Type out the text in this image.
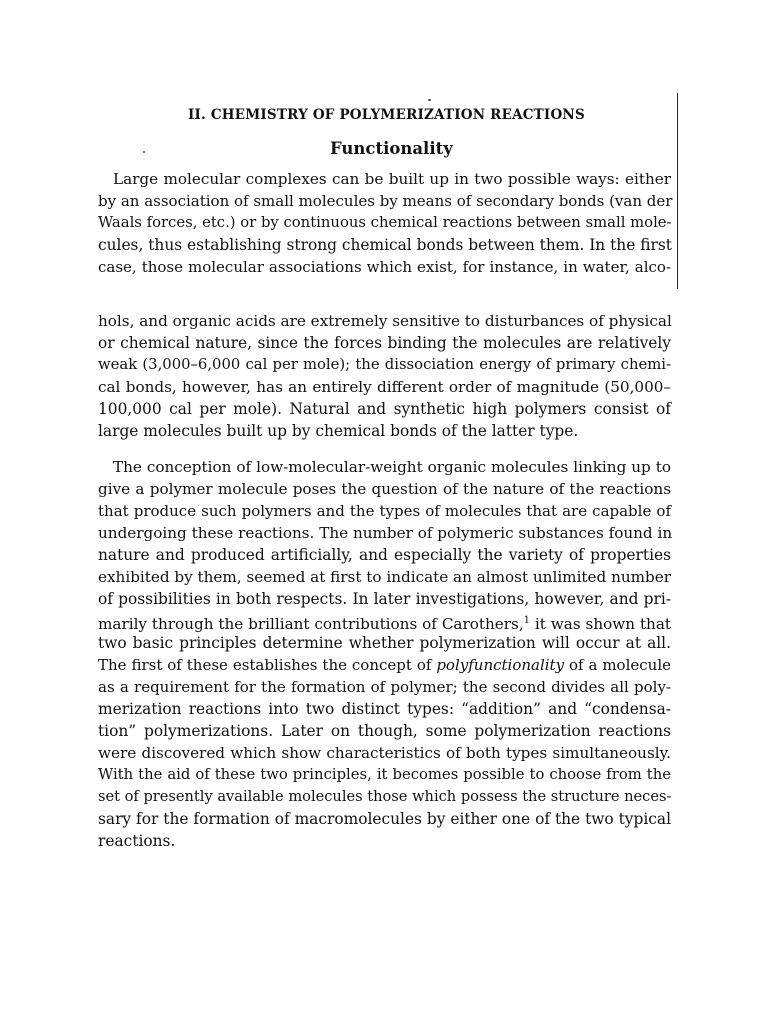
II. CHEMISTRY OF POLYMERIZATION REACTIONS
Functionality
Large molecular complexes can be built up in two possible ways: either
by an association of small molecules by means of secondary bonds (van der
Waals forces, etc.) or by continuous chemical reactions between small mole-
cules, thus establishing strong chemical bonds between them. In the first
case, those molecular associations which exist, for instance, in water, alco-
hols, and organic acids are extremely sensitive to disturbances of physical
or chemical nature, since the forces binding the molecules are relatively
weak (3,000–6,000 cal per mole); the dissociation energy of primary chemi-
cal bonds, however, has an entirely different order of magnitude (50,000–
100,000 cal per mole). Natural and synthetic high polymers consist of
large molecules built up by chemical bonds of the latter type.
The conception of low-molecular-weight organic molecules linking up to
give a polymer molecule poses the question of the nature of the reactions
that produce such polymers and the types of molecules that are capable of
undergoing these reactions. The number of polymeric substances found in
nature and produced artificially, and especially the variety of properties
exhibited by them, seemed at first to indicate an almost unlimited number
of possibilities in both respects. In later investigations, however, and pri-
marily through the brilliant contributions of Carothers,$^1$ it was shown that
two basic principles determine whether polymerization will occur at all.
The first of these establishes the concept of polyfunctionality of a molecule
as a requirement for the formation of polymer; the second divides all poly-
merization reactions into two distinct types: “addition” and “condensa-
tion” polymerizations. Later on though, some polymerization reactions
were discovered which show characteristics of both types simultaneously.
With the aid of these two principles, it becomes possible to choose from the
set of presently available molecules those which possess the structure neces-
sary for the formation of macromolecules by either one of the two typical
reactions.
